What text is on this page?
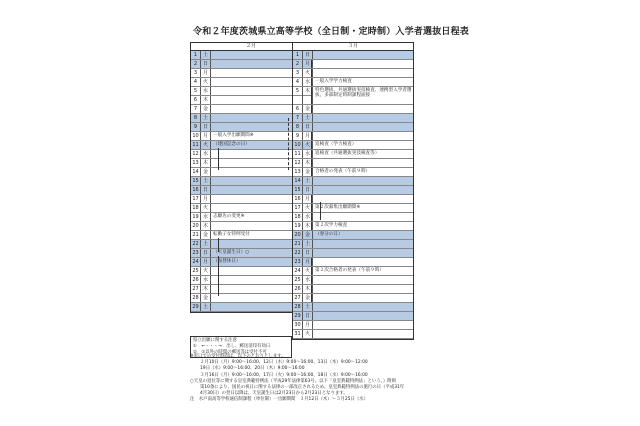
令和２年度茨城県立高等学校（全日制・定時制）入学者選抜日程表
２月
1	土
2	日
3	月
4	火
5	水
6	木
7	金
8	土
9	日
10 月	一般入学出願期間※
11 火	（建国記念の日）
12 水
13 木
14 金
15 土
16 日
17 月
18 火
19 水	志願先の変更※
20 木
21 金	転勤子女特例受付
22 土
23 日	（天皇誕生日）○
24 月	（振替休日）
25 火
26 水
27 木
28 金
29 土
３月
1	日
2	月
3	火
4	水	一般入学学力検査
5	木	特色選抜、共通選抜実技検査、連携型入学者選抜、多部制定時制課程面接
6	金
7	土
8	日
9	月
10 火	追検査（学力検査）
11 水	追検査（共通選抜実技検査等）
12 木
13 金	合格者の発表（午前９時）
14 土
15 日
16 月
17 火	第２次募集出願期間※
18 水
19 木	第２次学力検査
20 金	（春分の日）
21 土
22 日
23 月
24 火	第２次合格者の発表（午前９時）
25 水
26 木
27 金
28 土
29 日
30 月
31 火
県立出願に関する注意
①　←・・・→　出し、郵送消印有効日
②　①以外の時間の郵送等は受付不可
※窓口での受付時間は、以下のとおりとします。
２月10日（月）9:00～16:00、12日（水）9:00～16:00、13日（木）9:00～12:00
19日（水）9:00～16:00、20日（木）9:00～16:00
３月16日（月）9:00～16:00、17日（火）9:00～16:00、18日（水）9:00～16:00
○天皇の退位等に関する皇室典範特例法（平成29年法律第63号。以下「皇室典範特例法」という。）附則
第10条により、国民の祝日に関する法律の一部改正されるため、皇室典範特例法の施行の日（平成31年
4月30日）の翌日以降は、天皇誕生日は2月23日から2月23日となります。
注　水戸南高等学校通信制課程（単位制）一出願期間　３月12日（木）～３月25日（水）
